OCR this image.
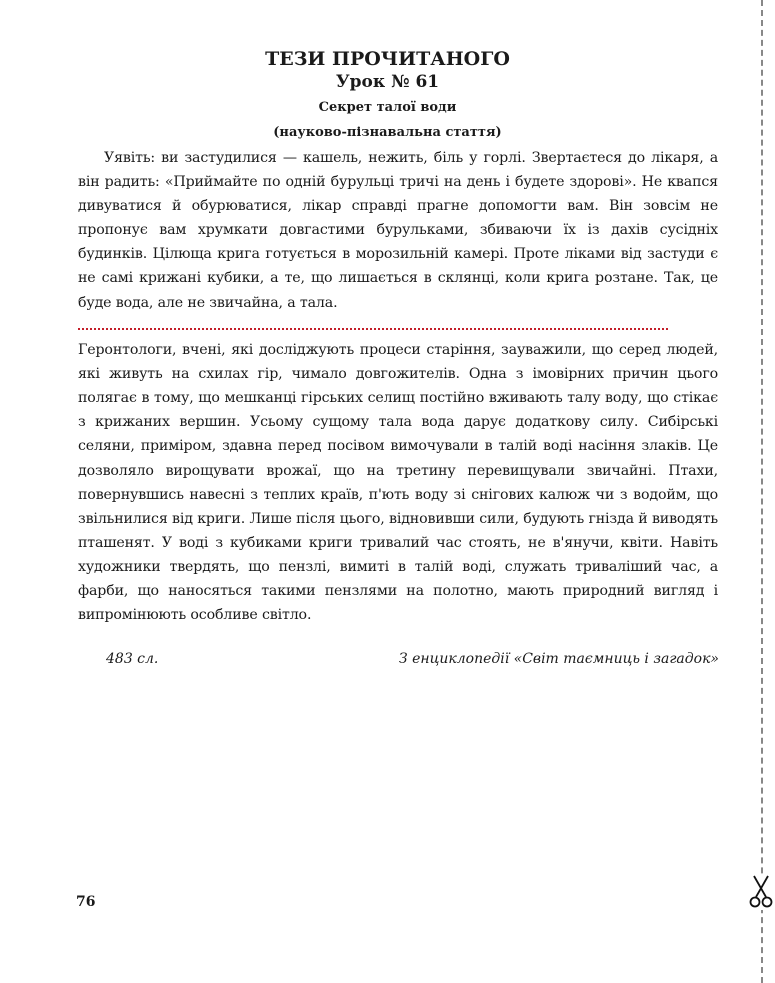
ТЕЗИ ПРОЧИТАНОГО
Урок № 61
Секрет талої води
(науково-пізнавальна стаття)

Уявіть: ви застудилися — кашель, нежить, біль у горлі. Звертаєтеся до лікаря, а він радить: «Приймайте по одній бурульці тричі на день і будете здорові». Не квапся дивуватися й обурюватися, лікар справді прагне допомогти вам. Він зовсім не пропонує вам хрумкати довгастими бурульками, збиваючи їх із дахів сусідніх будинків. Цілюща крига готується в морозильній камері. Проте ліками від застуди є не самі крижані кубики, а те, що лишається в склянці, коли крига розтане. Так, це буде вода, але не звичайна, а тала.

Геронтологи, вчені, які досліджують процеси старіння, зауважили, що серед людей, які живуть на схилах гір, чимало довгожителів. Одна з імовірних причин цього полягає в тому, що мешканці гірських селищ постійно вживають талу воду, що стікає з крижаних вершин. Усьому сущому тала вода дарує додаткову силу. Сибірські селяни, приміром, здавна перед посівом вимочували в талій воді насіння злаків. Це дозволяло вирощувати врожаї, що на третину перевищували звичайні. Птахи, повернувшись навесні з теплих країв, п'ють воду зі снігових калюж чи з водойм, що звільнилися від криги. Лише після цього, відновивши сили, будують гнізда й виводять пташенят. У воді з кубиками криги тривалий час стоять, не в'янучи, квіти. Навіть художники твердять, що пензлі, вимиті в талій воді, служать триваліший час, а фарби, що наносяться такими пензлями на полотно, мають природний вигляд і випромінюють особливе світло.

483 сл.	З енциклопедії «Світ таємниць і загадок»
76
